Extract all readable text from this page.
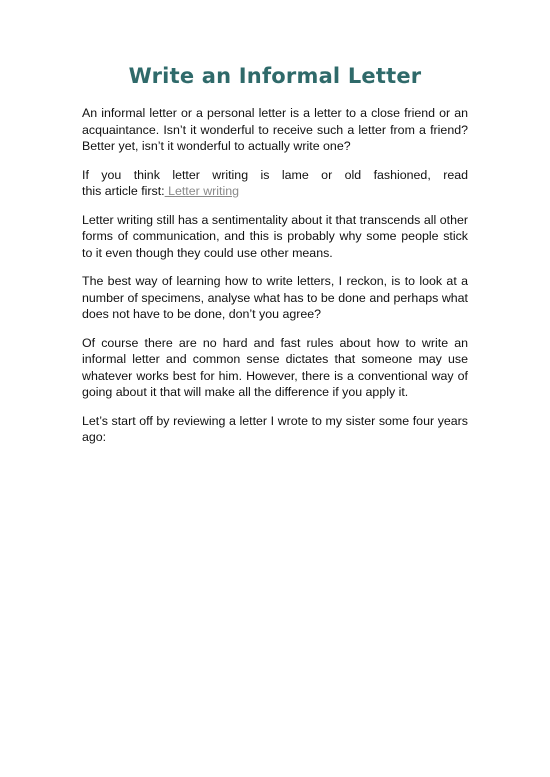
Write an Informal Letter

An informal letter or a personal letter is a letter to a close friend or an acquaintance. Isn’t it wonderful to receive such a letter from a friend? Better yet, isn’t it wonderful to actually write one?

If you think letter writing is lame or old fashioned, read
this article first: Letter writing

Letter writing still has a sentimentality about it that transcends all other forms of communication, and this is probably why some people stick to it even though they could use other means.

The best way of learning how to write letters, I reckon, is to look at a number of specimens, analyse what has to be done and perhaps what does not have to be done, don’t you agree?

Of course there are no hard and fast rules about how to write an informal letter and common sense dictates that someone may use whatever works best for him. However, there is a conventional way of going about it that will make all the difference if you apply it.

Let’s start off by reviewing a letter I wrote to my sister some four years ago:
